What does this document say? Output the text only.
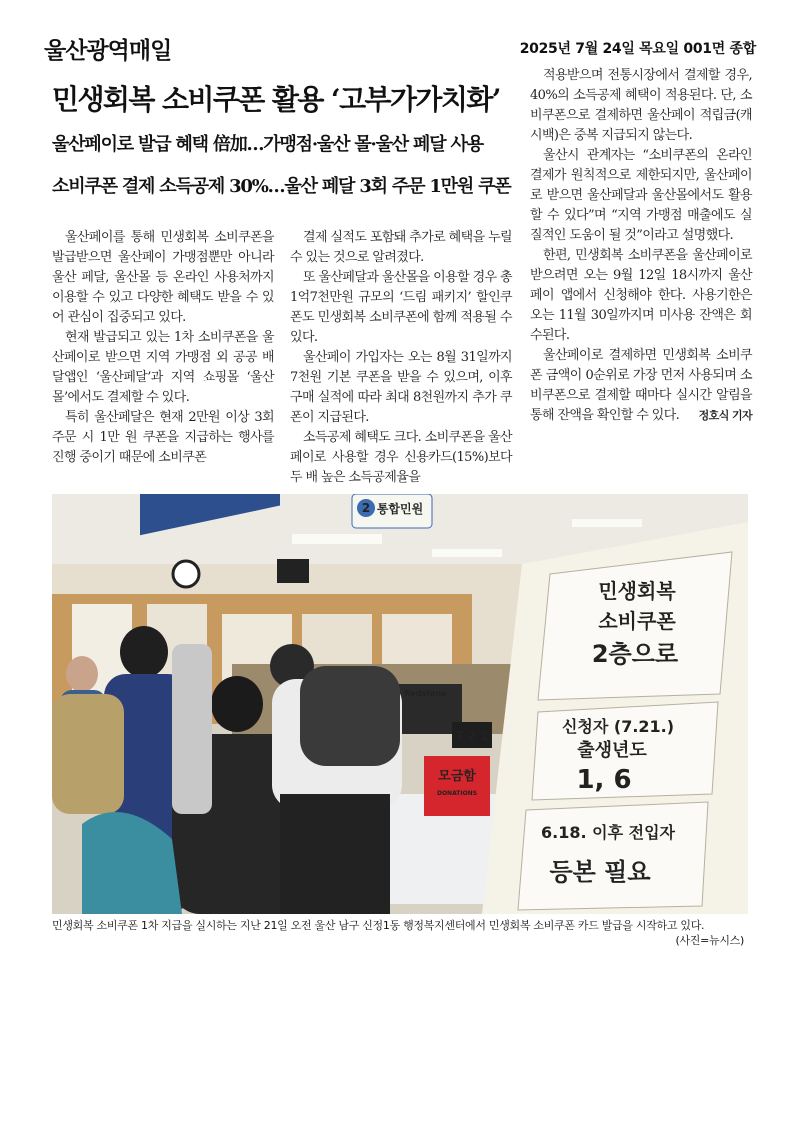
울산광역매일	2025년 7월 24일 목요일 001면 종합
민생회복 소비쿠폰 활용 ‘고부가가치화’
울산페이로 발급 혜택 倍加…가맹점·울산 몰·울산 페달 사용
소비쿠폰 결제 소득공제 30%…울산 페달 3회 주문 1만원 쿠폰

울산페이를 통해 민생회복 소비쿠폰을 발급받으면 울산페이 가맹점뿐만 아니라 울산 페달, 울산몰 등 온라인 사용처까지 이용할 수 있고 다양한 혜택도 받을 수 있어 관심이 집중되고 있다.

현재 발급되고 있는 1차 소비쿠폰을 울산페이로 받으면 지역 가맹점 외 공공 배달앱인 ‘울산페달’과 지역 쇼핑몰 ‘울산몰’에서도 결제할 수 있다.

특히 울산페달은 현재 2만원 이상 3회 주문 시 1만 원 쿠폰을 지급하는 행사를 진행 중이기 때문에 소비쿠폰

결제 실적도 포함돼 추가로 혜택을 누릴 수 있는 것으로 알려졌다.

또 울산페달과 울산몰을 이용할 경우 총 1억7천만원 규모의 ‘드림 패키지’ 할인쿠폰도 민생회복 소비쿠폰에 함께 적용될 수 있다.

울산페이 가입자는 오는 8월 31일까지 7천원 기본 쿠폰을 받을 수 있으며, 이후 구매 실적에 따라 최대 8천원까지 추가 쿠폰이 지급된다.

소득공제 혜택도 크다. 소비쿠폰을 울산페이로 사용할 경우 신용카드(15%)보다 두 배 높은 소득공제율을

적용받으며 전통시장에서 결제할 경우, 40%의 소득공제 혜택이 적용된다. 단, 소비쿠폰으로 결제하면 울산페이 적립금(캐시백)은 중복 지급되지 않는다.

울산시 관계자는 “소비쿠폰의 온라인 결제가 원칙적으로 제한되지만, 울산페이로 받으면 울산페달과 울산몰에서도 활용할 수 있다”며 “지역 가맹점 매출에도 실질적인 도움이 될 것”이라고 설명했다.

한편, 민생회복 소비쿠폰을 울산페이로 받으려면 오는 9월 12일 18시까지 울산페이 앱에서 신청해야 한다. 사용기한은 오는 11월 30일까지며 미사용 잔액은 회수된다.

울산페이로 결제하면 민생회복 소비쿠폰 금액이 0순위로 가장 먼저 사용되며 소비쿠폰으로 결제할 때마다 실시간 알림을 통해 잔액을 확인할 수 있다.	정호식 기자
2 통합민원
Redstone
7 2 1
모금함
DONATIONS
민생회복
소비쿠폰
2층으로
신청자 (7.21.)
출생년도
1, 6
6.18. 이후 전입자
등본 필요
민생회복 소비쿠폰 1차 지급을 실시하는 지난 21일 오전 울산 남구 신정1동 행정복지센터에서 민생회복 소비쿠폰 카드 발급을 시작하고 있다.
(사진=뉴시스)
